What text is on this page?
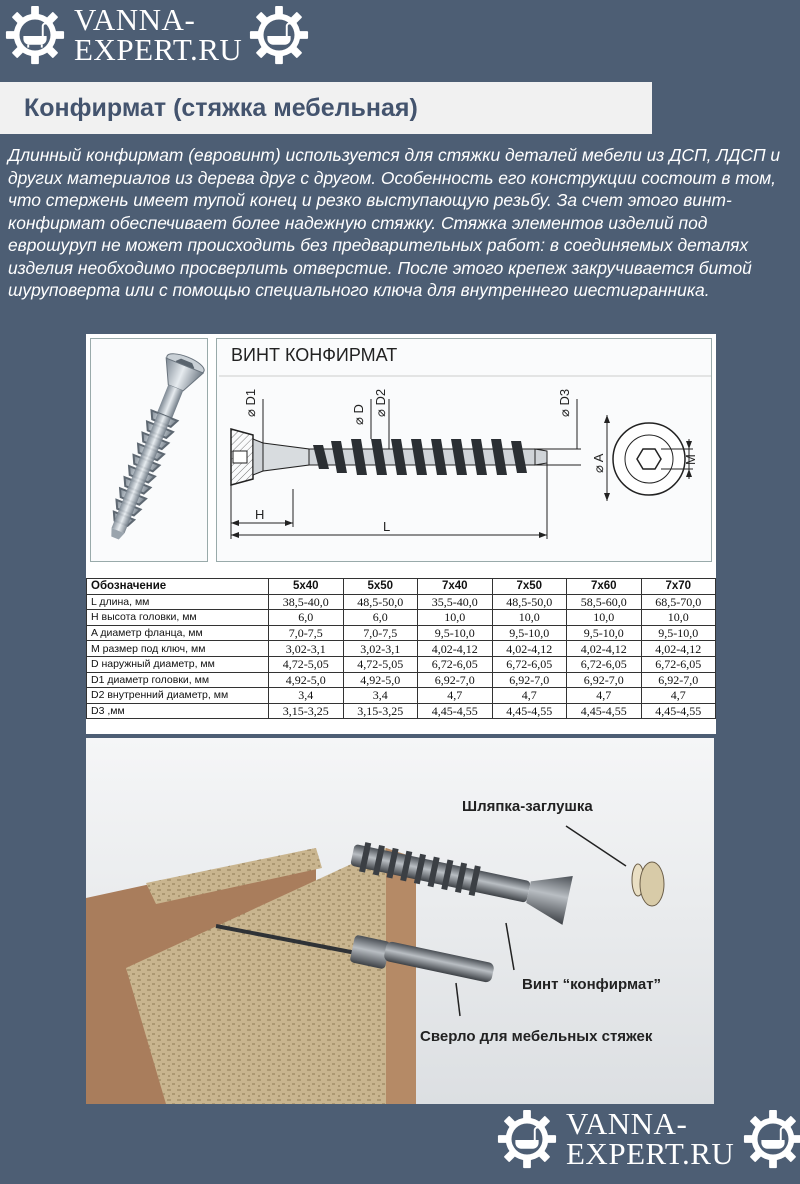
VANNA-
EXPERT.RU
Конфирмат (стяжка мебельная)

Длинный конфирмат (евровинт) используется для стяжки деталей мебели из ДСП, ЛДСП и других материалов из дерева друг с другом. Особенность его конструкции состоит в том, что стержень имеет тупой конец и резко выступающую резьбу. За счет этого винт-конфирмат обеспечивает более надежную стяжку. Стяжка элементов изделий под еврошуруп не может происходить без предварительных работ: в соединяемых деталях изделия необходимо просверлить отверстие. После этого крепеж закручивается битой шуруповерта или с помощью специального ключа для внутреннего шестигранника.

ВИНТ КОНФИРМАТ
⌀ D1	⌀ D ⌀ D2	⌀ D3
⌀ A	M
H
L
Обозначение	5х40	5х50	7х40	7х50	7х60	7х70
L длина, мм	38,5-40,0	48,5-50,0	35,5-40,0	48,5-50,0	58,5-60,0	68,5-70,0
H высота головки, мм	6,0	6,0	10,0	10,0	10,0	10,0
A диаметр фланца, мм	7,0-7,5	7,0-7,5	9,5-10,0	9,5-10,0	9,5-10,0	9,5-10,0
M размер под ключ, мм	3,02-3,1	3,02-3,1	4,02-4,12	4,02-4,12	4,02-4,12	4,02-4,12
D наружный диаметр, мм	4,72-5,05	4,72-5,05	6,72-6,05	6,72-6,05	6,72-6,05	6,72-6,05
D1 диаметр головки, мм	4,92-5,0	4,92-5,0	6,92-7,0	6,92-7,0	6,92-7,0	6,92-7,0
D2 внутренний диаметр, мм	3,4	3,4	4,7	4,7	4,7	4,7
D3 ,мм	3,15-3,25	3,15-3,25	4,45-4,55	4,45-4,55	4,45-4,55	4,45-4,55
Шляпка-заглушка
Винт “конфирмат”
Сверло для мебельных стяжек
VANNA-
EXPERT.RU
